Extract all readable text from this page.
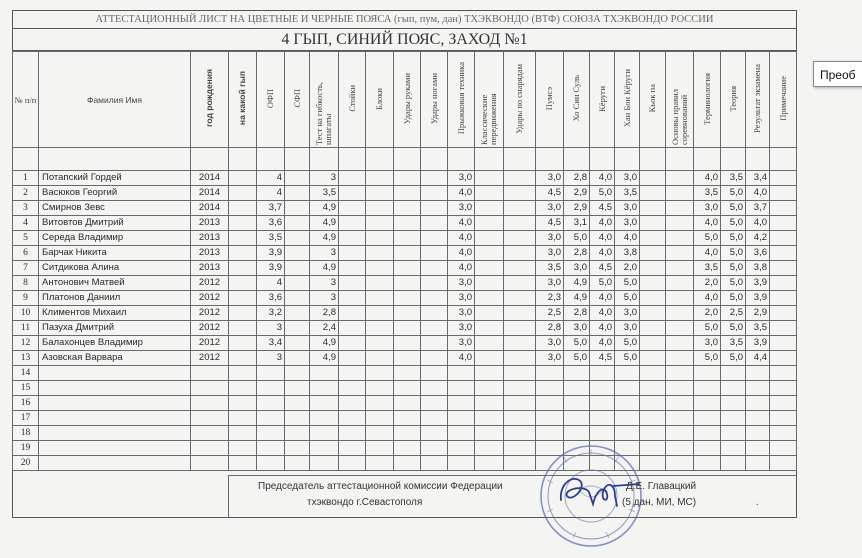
АТТЕСТАЦИОННЫЙ ЛИСТ НА ЦВЕТНЫЕ И ЧЕРНЫЕ ПОЯСА (гып, пум, дан) ТХЭКВОНДО (ВТФ) СОЮЗА ТХЭКВОНДО РОССИИ
4 ГЫП, СИНИЙ ПОЯС, ЗАХОД №1
№ п/п	Фамилия Имя	год рождения	на какой гып	ОФП	СФП	Тест на гибкость, шпагаты	Стойки	Блоки	Удары руками	Удары ногами	Прыжковая техника	Классические передвижения	Удары по снарядам	Пумсэ	Хо Син Суль	Кёруги	Хан Бон Кёруги	Кьок па	Основы правил соревнований	Терминология	Теория	Результат экзамена	Примечание

1	Потапский Гордей	2014		4		3					3,0			3,0	2,8	4,0	3,0			4,0	3,5	3,4	
2	Васюков Георгий	2014		4		3,5					4,0			4,5	2,9	5,0	3,5			3,5	5,0	4,0	
3	Смирнов Зевс	2014		3,7		4,9					3,0			3,0	2,9	4,5	3,0			3,0	5,0	3,7	
4	Витовтов Дмитрий	2013		3,6		4,9					4,0			4,5	3,1	4,0	3,0			4,0	5,0	4,0	
5	Середа Владимир	2013		3,5		4,9					4,0			3,0	5,0	4,0	4,0			5,0	5,0	4,2	
6	Барчак Никита	2013		3,9		3					4,0			3,0	2,8	4,0	3,8			4,0	5,0	3,6	
7	Ситдикова Алина	2013		3,9		4,9					4,0			3,5	3,0	4,5	2,0			3,5	5,0	3,8	
8	Антонович Матвей	2012		4		3					3,0			3,0	4,9	5,0	5,0			2,0	5,0	3,9	
9	Платонов Даниил	2012		3,6		3					3,0			2,3	4,9	4,0	5,0			4,0	5,0	3,9	
10	Климентов Михаил	2012		3,2		2,8					3,0			2,5	2,8	4,0	3,0			2,0	2,5	2,9	
11	Пазуха Дмитрий	2012		3		2,4					3,0			2,8	3,0	4,0	3,0			5,0	5,0	3,5	
12	Балахонцев Владимир	2012		3,4		4,9					3,0			3,0	5,0	4,0	5,0			3,0	3,5	3,9	
13	Азовская Варвара	2012		3		4,9					4,0			3,0	5,0	4,5	5,0			5,0	5,0	4,4	
14																							
15																							
16																							
17																							
18																							
19																							
20																							
Председатель аттестационной комиссии Федерации
тхэквондо г.Севастополя
Д.Е. Главацкий
(5 дан, МИ, МС)	.
Преоб
